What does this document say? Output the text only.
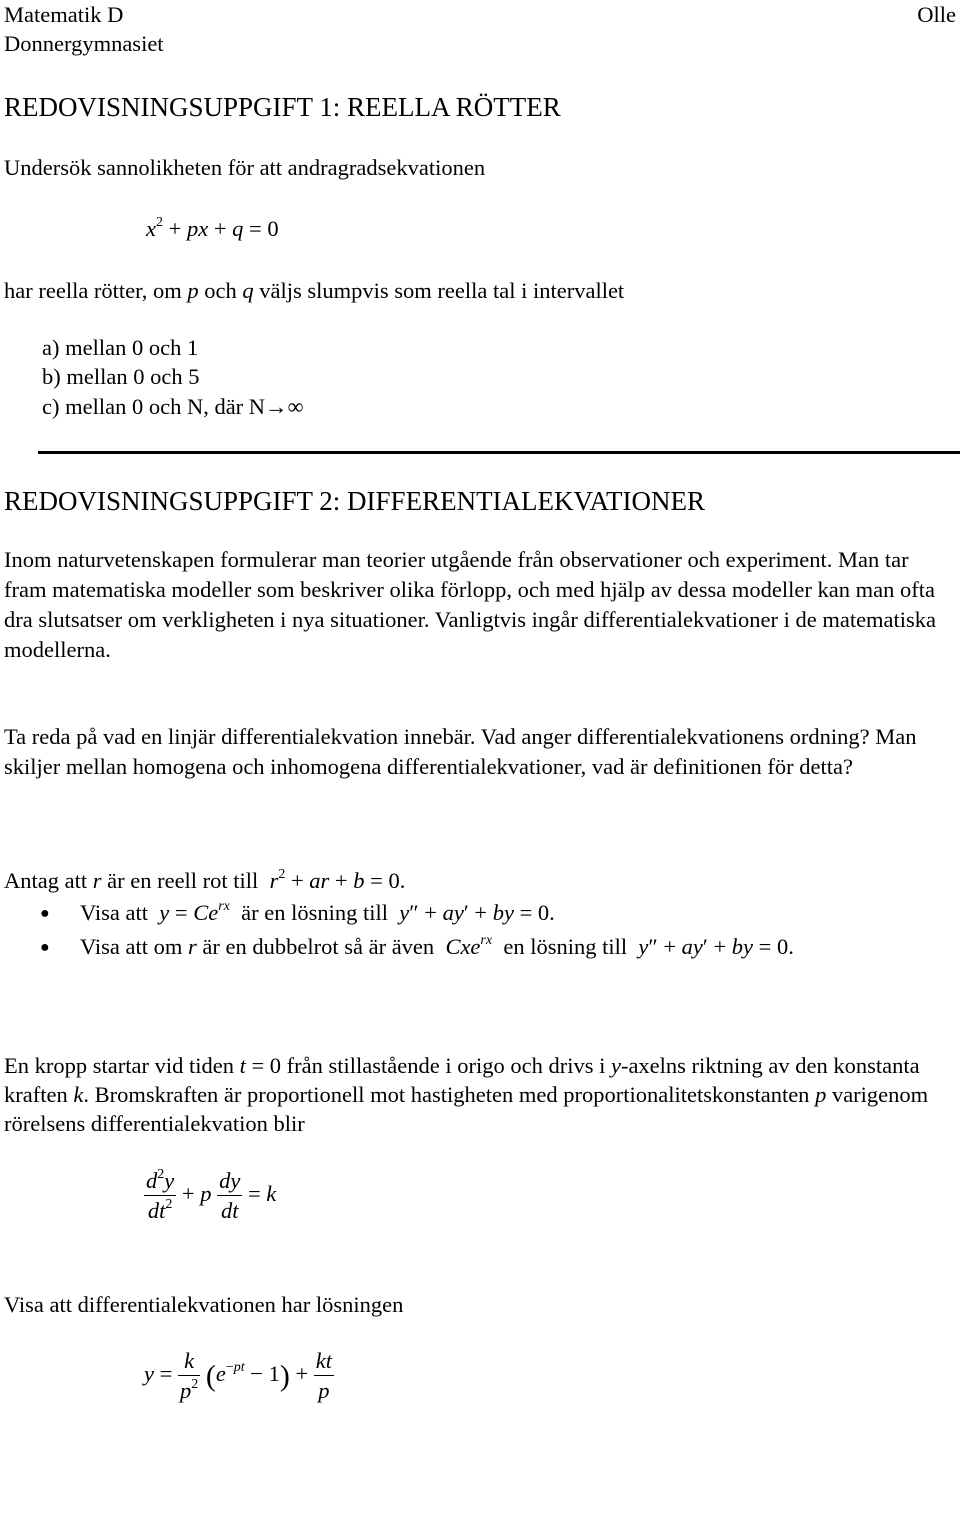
Matematik D
Donnergymnasiet
Olle
REDOVISNINGSUPPGIFT 1: REELLA RÖTTER
Undersök sannolikheten för att andragradsekvationen
$x^2$ + px + q = 0
har reella rötter, om p och q väljs slumpvis som reella tal i intervallet
a) mellan 0 och 1
b) mellan 0 och 5
c) mellan 0 och N, där N→∞
REDOVISNINGSUPPGIFT 2: DIFFERENTIALEKVATIONER
Inom naturvetenskapen formulerar man teorier utgående från observationer och experiment. Man tar fram matematiska modeller som beskriver olika förlopp, och med hjälp av dessa modeller kan man ofta dra slutsatser om verkligheten i nya situationer. Vanligtvis ingår differentialekvationer i de matematiska modellerna.
Ta reda på vad en linjär differentialekvation innebär. Vad anger differentialekvationens ordning? Man skiljer mellan homogena och inhomogena differentialekvationer, vad är definitionen för detta?
Antag att r är en reell rot till  $r^2$ + ar + b = 0.
● Visa att  $y = Ce^{rx}$  är en lösning till  y″ + ay′ + by = 0.
● Visa att om r är en dubbelrot så är även  Cxe$^{rx}$  en lösning till  y″ + ay′ + by = 0.
En kropp startar vid tiden t = 0 från stillastående i origo och drivs i y-axelns riktning av den konstanta kraften k. Bromskraften är proportionell mot hastigheten med proportionalitetskonstanten p varigenom  rörelsens differentialekvation blir
$\frac{d^2y}{dt^2} + p \frac{dy}{dt} = k$
Visa att differentialekvationen har lösningen
$y = \frac{k}{p^2} (e^{-pt} - 1) + \frac{kt}{p}$
